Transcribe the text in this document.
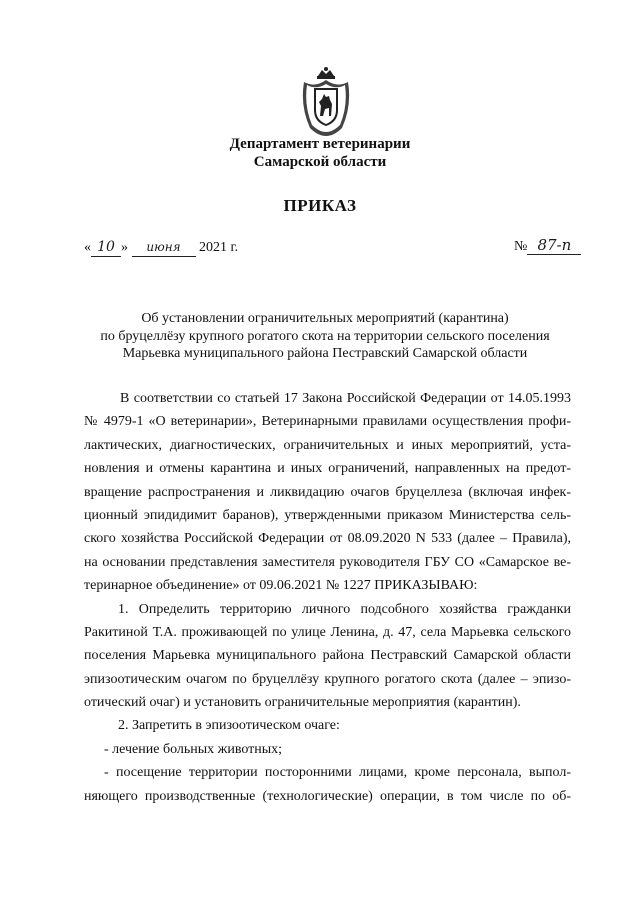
Департамент ветеринарии
Самарской области
ПРИКАЗ
« 10 » июня 2021 г.	№ 87-п
Об установлении ограничительных мероприятий (карантина)
по бруцеллёзу крупного рогатого скота на территории сельского поселения
Марьевка муниципального района Пестравский Самарской области
В соответствии со статьей 17 Закона Российской Федерации от 14.05.1993
№ 4979-1 «О ветеринарии», Ветеринарными правилами осуществления профи-
лактических, диагностических, ограничительных и иных мероприятий, уста-
новления и отмены карантина и иных ограничений, направленных на предот-
вращение распространения и ликвидацию очагов бруцеллеза (включая инфек-
ционный эпидидимит баранов), утвержденными приказом Министерства сель-
ского хозяйства Российской Федерации от 08.09.2020 N 533 (далее – Правила),
на основании представления заместителя руководителя ГБУ СО «Самарское ве-
теринарное объединение» от 09.06.2021 № 1227 ПРИКАЗЫВАЮ:
1. Определить территорию личного подсобного хозяйства гражданки
Ракитиной Т.А. проживающей по улице Ленина, д. 47, села Марьевка сельского
поселения Марьевка муниципального района Пестравский Самарской области
эпизоотическим очагом по бруцеллёзу крупного рогатого скота (далее – эпизо-
отический очаг) и установить ограничительные мероприятия (карантин).
2. Запретить в эпизоотическом очаге:
- лечение больных животных;
- посещение территории посторонними лицами, кроме персонала, выпол-
няющего производственные (технологические) операции, в том числе по об-
